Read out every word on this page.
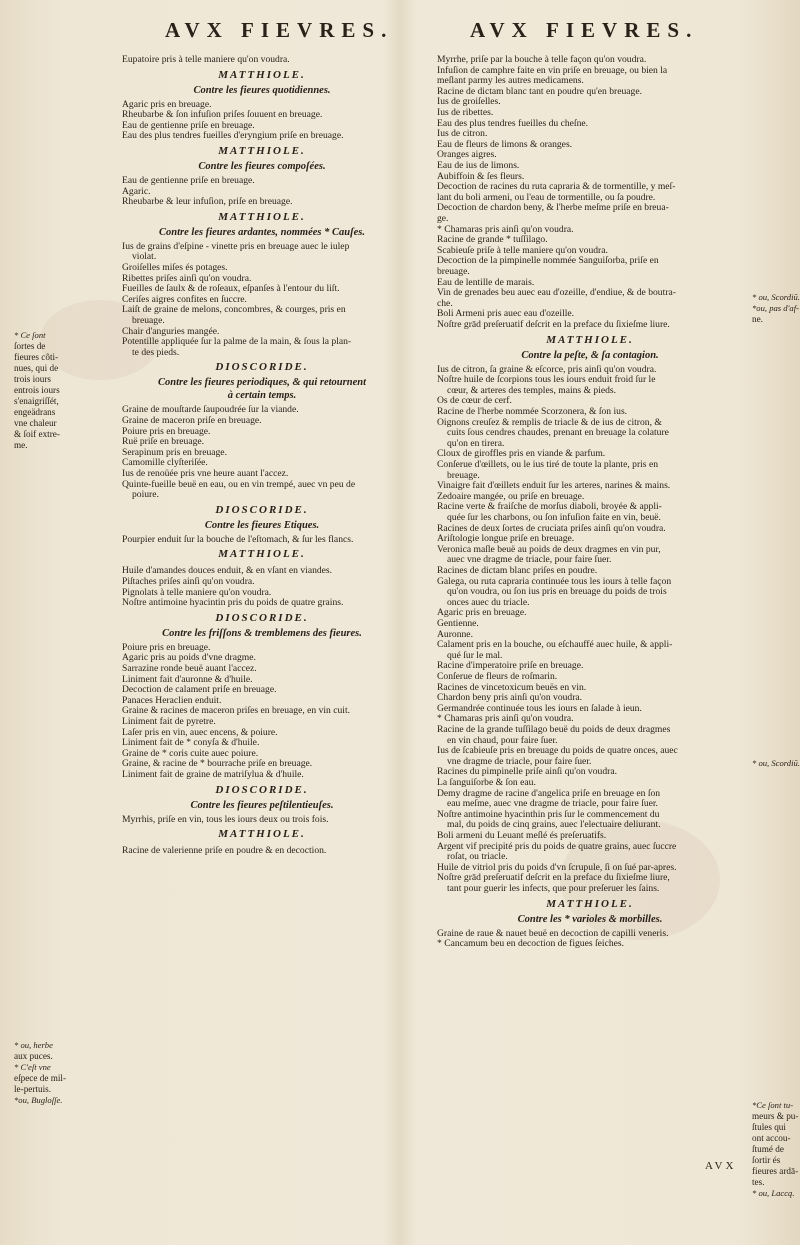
Eupatoire pris à telle maniere qu'on voudra.
MATTHIOLE.
Contre les fieures quotidiennes.
Agaric pris en breuage.
Rheubarbe & ſon infuſion priſes ſouuent en breuage.
Eau de gentienne priſe en breuage.
Eau des plus tendres fueilles d'eryngium priſe en breuage.
MATTHIOLE.
Contre les fieures compoſées.
Eau de gentienne priſe en breuage.
Agaric.
Rheubarbe & leur infuſion, priſe en breuage.
MATTHIOLE.
Contre les fieures ardantes, nommées * Cauſes.
Ius de grains d'eſpine - vinette pris en breuage auec le iulep
violat.
Groiſelles miſes és potages.
Ribettes priſes ainſi qu'on voudra.
Fueilles de ſaulx & de roſeaux, eſpanſes à l'entour du liſt.
Ceriſes aigres confites en ſuccre.
Laiſt de graine de melons, concombres, & courges, pris en
breuage.
Chair d'anguries mangée.
Potentille appliquée ſur la palme de la main, & ſous la plan-
te des pieds.
DIOSCORIDE.
Contre les fieures periodiques, & qui retournent
à certain temps.
Graine de mouſtarde ſaupoudrée ſur la viande.
Graine de maceron priſe en breuage.
Poiure pris en breuage.
Ruë priſe en breuage.
Serapinum pris en breuage.
Camomille clyſteriſée.
Ius de renoüée pris vne heure auant l'accez.
Quinte-fueille beuë en eau, ou en vin trempé, auec vn peu de
poiure.
DIOSCORIDE.
Contre les fieures Etiques.
Pourpier enduit ſur la bouche de l'eſtomach, & ſur les flancs.
MATTHIOLE.
Huile d'amandes douces enduit, & en vſant en viandes.
Piſtaches priſes ainſi qu'on voudra.
Pignolats à telle maniere qu'on voudra.
Noſtre antimoine hyacintin pris du poids de quatre grains.
DIOSCORIDE.
Contre les friſſons & tremblemens des fieures.
Poiure pris en breuage.
Agaric pris au poids d'vne dragme.
Sarrazine ronde beuë auant l'accez.
Liniment fait d'auronne & d'huile.
Decoction de calament priſe en breuage.
Panaces Heraclien enduit.
Graine & racines de maceron priſes en breuage, en vin cuit.
Liniment fait de pyretre.
Laſer pris en vin, auec encens, & poiure.
Liniment fait de * conyſa & d'huile.
Graine de * coris cuite auec poiure.
Graine, & racine de * bourrache priſe en breuage.
Liniment fait de graine de matriſylua & d'huile.
DIOSCORIDE.
Contre les fieures peſtilentieuſes.
Myrrhis, priſe en vin, tous les iours deux ou trois fois.
MATTHIOLE.
Racine de valerienne priſe en poudre & en decoction.
* Ce ſont
ſortes de
fieures côti-
nues, qui de
trois iours
entrois iours
s'enaigriſſét,
engeädrans
vne chaleur
& ſoif extre-
me.
* ou, herbe
aux puces.
* C'eſt vne
eſpece de mil-
le-pertuis.
*ou, Bugloſſe.
Myrrhe, priſe par la bouche à telle façon qu'on voudra.
Infuſion de camphre faite en vin priſe en breuage, ou bien la
meſlant parmy les autres medicamens.
Racine de dictam blanc tant en poudre qu'en breuage.
Ius de groiſelles.
Ius de ribettes.
Eau des plus tendres fueilles du cheſne.
Ius de citron.
Eau de fleurs de limons & oranges.
Oranges aigres.
Eau de ius de limons.
Aubiffoin & ſes fleurs.
Decoction de racines du ruta capraria & de tormentille, y meſ-
lant du boli armeni, ou l'eau de tormentille, ou ſa poudre.
Decoction de chardon beny, & l'herbe meſme priſe en breua-
ge.
* Chamaras pris ainſi qu'on voudra.
Racine de grande * tuſſilago.
Scabieuſe priſe à telle maniere qu'on voudra.
Decoction de la pimpinelle nommée Sanguiſorba, priſe en
breuage.
Eau de lentille de marais.
Vin de grenades beu auec eau d'ozeille, d'endiue, & de boutra-
che.
Boli Armeni pris auec eau d'ozeille.
Noſtre grād preſeruatif deſcrit en la preface du ſixieſme liure.
MATTHIOLE.
Contre la peſte, & ſa contagion.
Ius de citron, ſa graine & eſcorce, pris ainſi qu'on voudra.
Noſtre huile de ſcorpions tous les iours enduit froid ſur le
cœur, & arteres des temples, mains & pieds.
Os de cœur de cerf.
Racine de l'herbe nommée Scorzonera, & ſon ius.
Oignons creuſez & remplis de triacle & de ius de citron, &
cuits ſous cendres chaudes, prenant en breuage la colature
qu'on en tirera.
Cloux de giroffles pris en viande & parfum.
Conſerue d'œillets, ou le ius tiré de toute la plante, pris en
breuage.
Vinaigre fait d'œillets enduit ſur les arteres, narines & mains.
Zedoaire mangée, ou priſe en breuage.
Racine verte & fraiſche de morſus diaboli, broyée & appli-
quée ſur les charbons, ou ſon infuſion faite en vin, beuë.
Racines de deux ſortes de cruciata priſes ainſi qu'on voudra.
Ariſtologie longue priſe en breuage.
Veronica maſle beuë au poids de deux dragmes en vin pur,
auec vne dragme de triacle, pour faire ſuer.
Racines de dictam blanc priſes en poudre.
Galega, ou ruta capraria continuée tous les iours à telle façon
qu'on voudra, ou ſon ius pris en breuage du poids de trois
onces auec du triacle.
Agaric pris en breuage.
Gentienne.
Auronne.
Calament pris en la bouche, ou eſchauffé auec huile, & appli-
qué ſur le mal.
Racine d'imperatoire priſe en breuage.
Conſerue de fleurs de roſmarin.
Racines de vincetoxicum beuës en vin.
Chardon beny pris ainſi qu'on voudra.
Germandrée continuée tous les iours en ſalade à ieun.
* Chamaras pris ainſi qu'on voudra.
Racine de la grande tuſſilago beuë du poids de deux dragmes
en vin chaud, pour faire ſuer.
Ius de ſcabieuſe pris en breuage du poids de quatre onces, auec
vne dragme de triacle, pour faire ſuer.
Racines du pimpinelle priſe ainſi qu'on voudra.
La ſanguiſorbe & ſon eau.
Demy dragme de racine d'angelica priſe en breuage en ſon
eau meſme, auec vne dragme de triacle, pour faire ſuer.
Noſtre antimoine hyacinthin pris ſur le commencement du
mal, du poids de cinq grains, auec l'electuaire deliurant.
Boli armeni du Leuant meſlé és preſeruatifs.
Argent vif precipité pris du poids de quatre grains, auec ſuccre
roſat, ou triacle.
Huile de vitriol pris du poids d'vn ſcrupule, ſi on ſué par-apres.
Noſtre grād preſeruatif deſcrit en la preface du ſixieſme liure,
tant pour guerir les infects, que pour preſeruer les ſains.
MATTHIOLE.
Contre les * varioles & morbilles.
Graine de raue & nauet beuë en decoction de capilli veneris.
* Cancamum beu en decoction de figues ſeiches.
* ou, Scordiū.
*ou, pas d'af-
ne.
* ou, Scordiū.
*Ce ſont tu-
meurs & pu-
ſtules qui
ont accou-
ſtumé de
ſortir és
fieures ardā-
tes.
* ou, Laccą.
AVX FIEVRES.	AVX FIEVRES.
AVX
